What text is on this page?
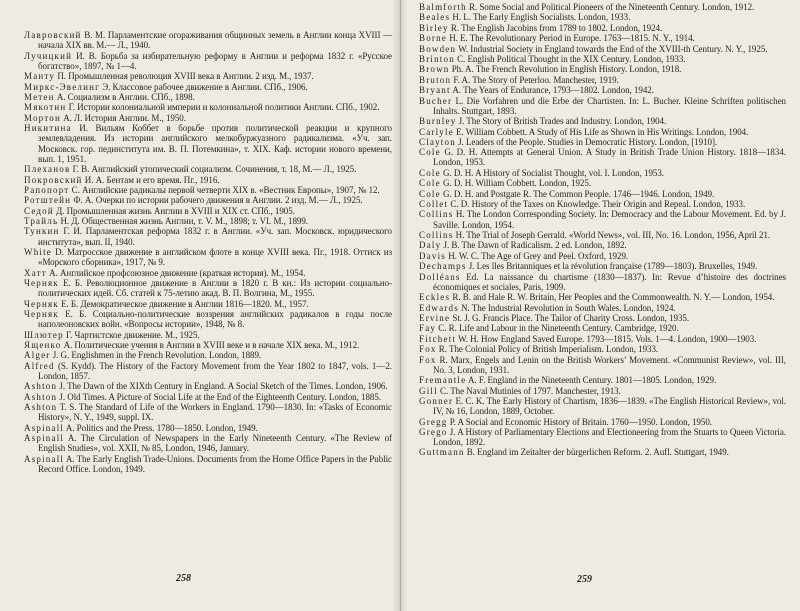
Лавровский В. М. Парламентские огораживания общинных земель в Англии конца XVIII — начала XIX вв. М.— Л., 1940.
Лучицкий И. В. Борьба за избирательную реформу в Англии и реформа 1832 г. «Русское богатство», 1897, № 1—4.
Манту П. Промышленная революция XVIII века в Англии. 2 изд. М., 1937.
Миркс-Эвелинг Э. Классовое рабочее движение в Англии. СПб., 1906.
Метен А. Социализм в Англии. СПб., 1898.
Мякотин Г. Истории колониальной империи и колониальной политики Англии. СПб., 1902.
Мортон А. Л. История Англии. М., 1950.
Никитина И. Вильям Коббет в борьбе против политической реакции и крупного землевладения. Из истории английского мелкобуржуазного радикализма. «Уч. зап. Московск. гор. пединститута им. В. П. Потемкина», т. XIX. Каф. истории нового времени, вып. 1, 1951.
Плеханов Г. В. Английский утопический социализм. Сочинения, т. 18, М.— Л., 1925.
Покровский И. А. Бентам и его время. Пг., 1916.
Рапопорт С. Английские радикалы первой четверти XIX в. «Вестник Европы», 1907, № 12.
Ротштейн Ф. А. Очерки по истории рабочего движения в Англии. 2 изд. М.— Л., 1925.
Седой Д. Промышленная жизнь Англии в XVIII и XIX ст. СПб., 1905.
Трайль Н. Д. Общественная жизнь Англии, т. V. М., 1898; т. VI. М., 1899.
Тункин Г. И. Парламентская реформа 1832 г. в Англии. «Уч. зап. Московск. юридического института», вып. II, 1940.
White D. Матросское движение в английском флоте в конце XVIII века. Пг., 1918. Оттиск из «Морского сборника», 1917, № 9.
Хатт А. Английское профсоюзное движение (краткая история). М., 1954.
Черняк Е. Б. Революционное движение в Англии в 1820 г. В кн.: Из истории социально-политических идей. Сб. статей к 75-летию акад. В. П. Волгина, М., 1955.
Черняк Е. Б. Демократическое движение в Англии 1816—1820. М., 1957.
Черняк Е. Б. Социально-политические воззрения английских радикалов в годы после наполеоновских войн. «Вопросы истории», 1948, № 8.
Шлютер Г. Чартистское движение. М., 1925.
Ященко А. Политические учения в Англии в XVIII веке и в начале XIX века. М., 1912.
Alger J. G. Englishmen in the French Revolution. London, 1889.
Alfred (S. Kydd). The History of the Factory Movement from the Year 1802 to 1847, vols. 1—2. London, 1857.
Ashton J. The Dawn of the XIXth Century in England. A Social Sketch of the Times. London, 1906.
Ashton J. Old Times. A Picture of Social Life at the End of the Eighteenth Century. London, 1885.
Ashton T. S. The Standard of Life of the Workers in England. 1790—1830. In: «Tasks of Economic History», N. Y., 1949, suppl. IX.
Aspinall A. Politics and the Press. 1780—1850. London, 1949.
Aspinall A. The Circulation of Newspapers in the Early Nineteenth Century. «The Review of English Studies», vol. XXII, № 85, London, 1946, January.
Aspinall A. The Early English Trade-Unions. Documents from the Home Office Papers in the Public Record Office. London, 1949.
258
Balmforth R. Some Social and Political Pioneers of the Nineteenth Century. London, 1912.
Beales H. L. The Early English Socialists. London, 1933.
Birley R. The English Jacobins from 1789 to 1802. London, 1924.
Borne H. E. The Revolutionary Period in Europe. 1763—1815. N. Y., 1914.
Bowden W. Industrial Society in England towards the End of the XVIII-th Century. N. Y., 1925.
Brinton C. English Political Thought in the XIX Century. London, 1933.
Brown Ph. A. The French Revolution in English History. London, 1918.
Bruton F. A. The Story of Peterloo. Manchester, 1919.
Bryant A. The Years of Endurance, 1793—1802. London, 1942.
Bucher L. Die Vorfahren und die Erbe der Chartisten. In: L. Bucher. Kleine Schriften politischen Inhalts. Stuttgart, 1893.
Burnley J. The Story of British Trades and Industry. London, 1904.
Carlyle E. William Cobbett. A Study of His Life as Shown in His Writings. London, 1904.
Clayton J. Leaders of the People. Studies in Democratic History. London, [1910].
Cole G. D. H. Attempts at General Union. A Study in British Trade Union History. 1818—1834. London, 1953.
Cole G. D. H. A History of Socialist Thought, vol. I. London, 1953.
Cole G. D. H. William Cobbett. London, 1925.
Cole G. D. H. and Postgate R. The Common People. 1746—1946. London, 1949.
Collet C. D. History of the Taxes on Knowledge. Their Origin and Repeal. London, 1933.
Collins H. The London Corresponding Society. In: Democracy and the Labour Movement. Ed. by J. Saville. London, 1954.
Collins H. The Trial of Joseph Gerrald. «World News», vol. III, No. 16. London, 1956, April 21.
Daly J. B. The Dawn of Radicalism. 2 ed. London, 1892.
Davis H. W. C. The Age of Grey and Peel. Oxford, 1929.
Dechamps J. Les îles Britanniques et la révolution française (1789—1803). Bruxelles, 1949.
Dolléans Ed. La naissance du chartisme (1830—1837). In: Revue d’histoire des doctrines économiques et sociales, Paris, 1909.
Eckles R. B. and Hale R. W. Britain, Her Peoples and the Commonwealth. N. Y.— London, 1954.
Edwards N. The Industrial Revolution in South Wales. London, 1924.
Ervine St. J. G. Francis Place. The Tailor of Charity Cross. London, 1935.
Fay C. R. Life and Labour in the Nineteenth Century. Cambridge, 1920.
Fitchett W. H. How England Saved Europe. 1793—1815. Vols. 1—4. London, 1900—1903.
Fox R. The Colonial Policy of British Imperialism. London, 1933.
Fox R. Marx, Engels and Lenin on the British Workers’ Movement. «Communist Review», vol. III, No. 3, London, 1931.
Fremantle A. F. England in the Nineteenth Century. 1801—1805. London, 1929.
Gill C. The Naval Mutinies of 1797. Manchester, 1913.
Gonner E. C. K. The Early History of Chartism, 1836—1839. «The English Historical Review», vol. IV, № 16, London, 1889, October.
Gregg P. A Social and Economic History of Britain. 1760—1950. London, 1950.
Grego J. A History of Parliamentary Elections and Electioneering from the Stuarts to Queen Victoria. London, 1892.
Guttmann B. England im Zeitalter der bürgerlichen Reform. 2. Aufl. Stuttgart, 1949.
259
